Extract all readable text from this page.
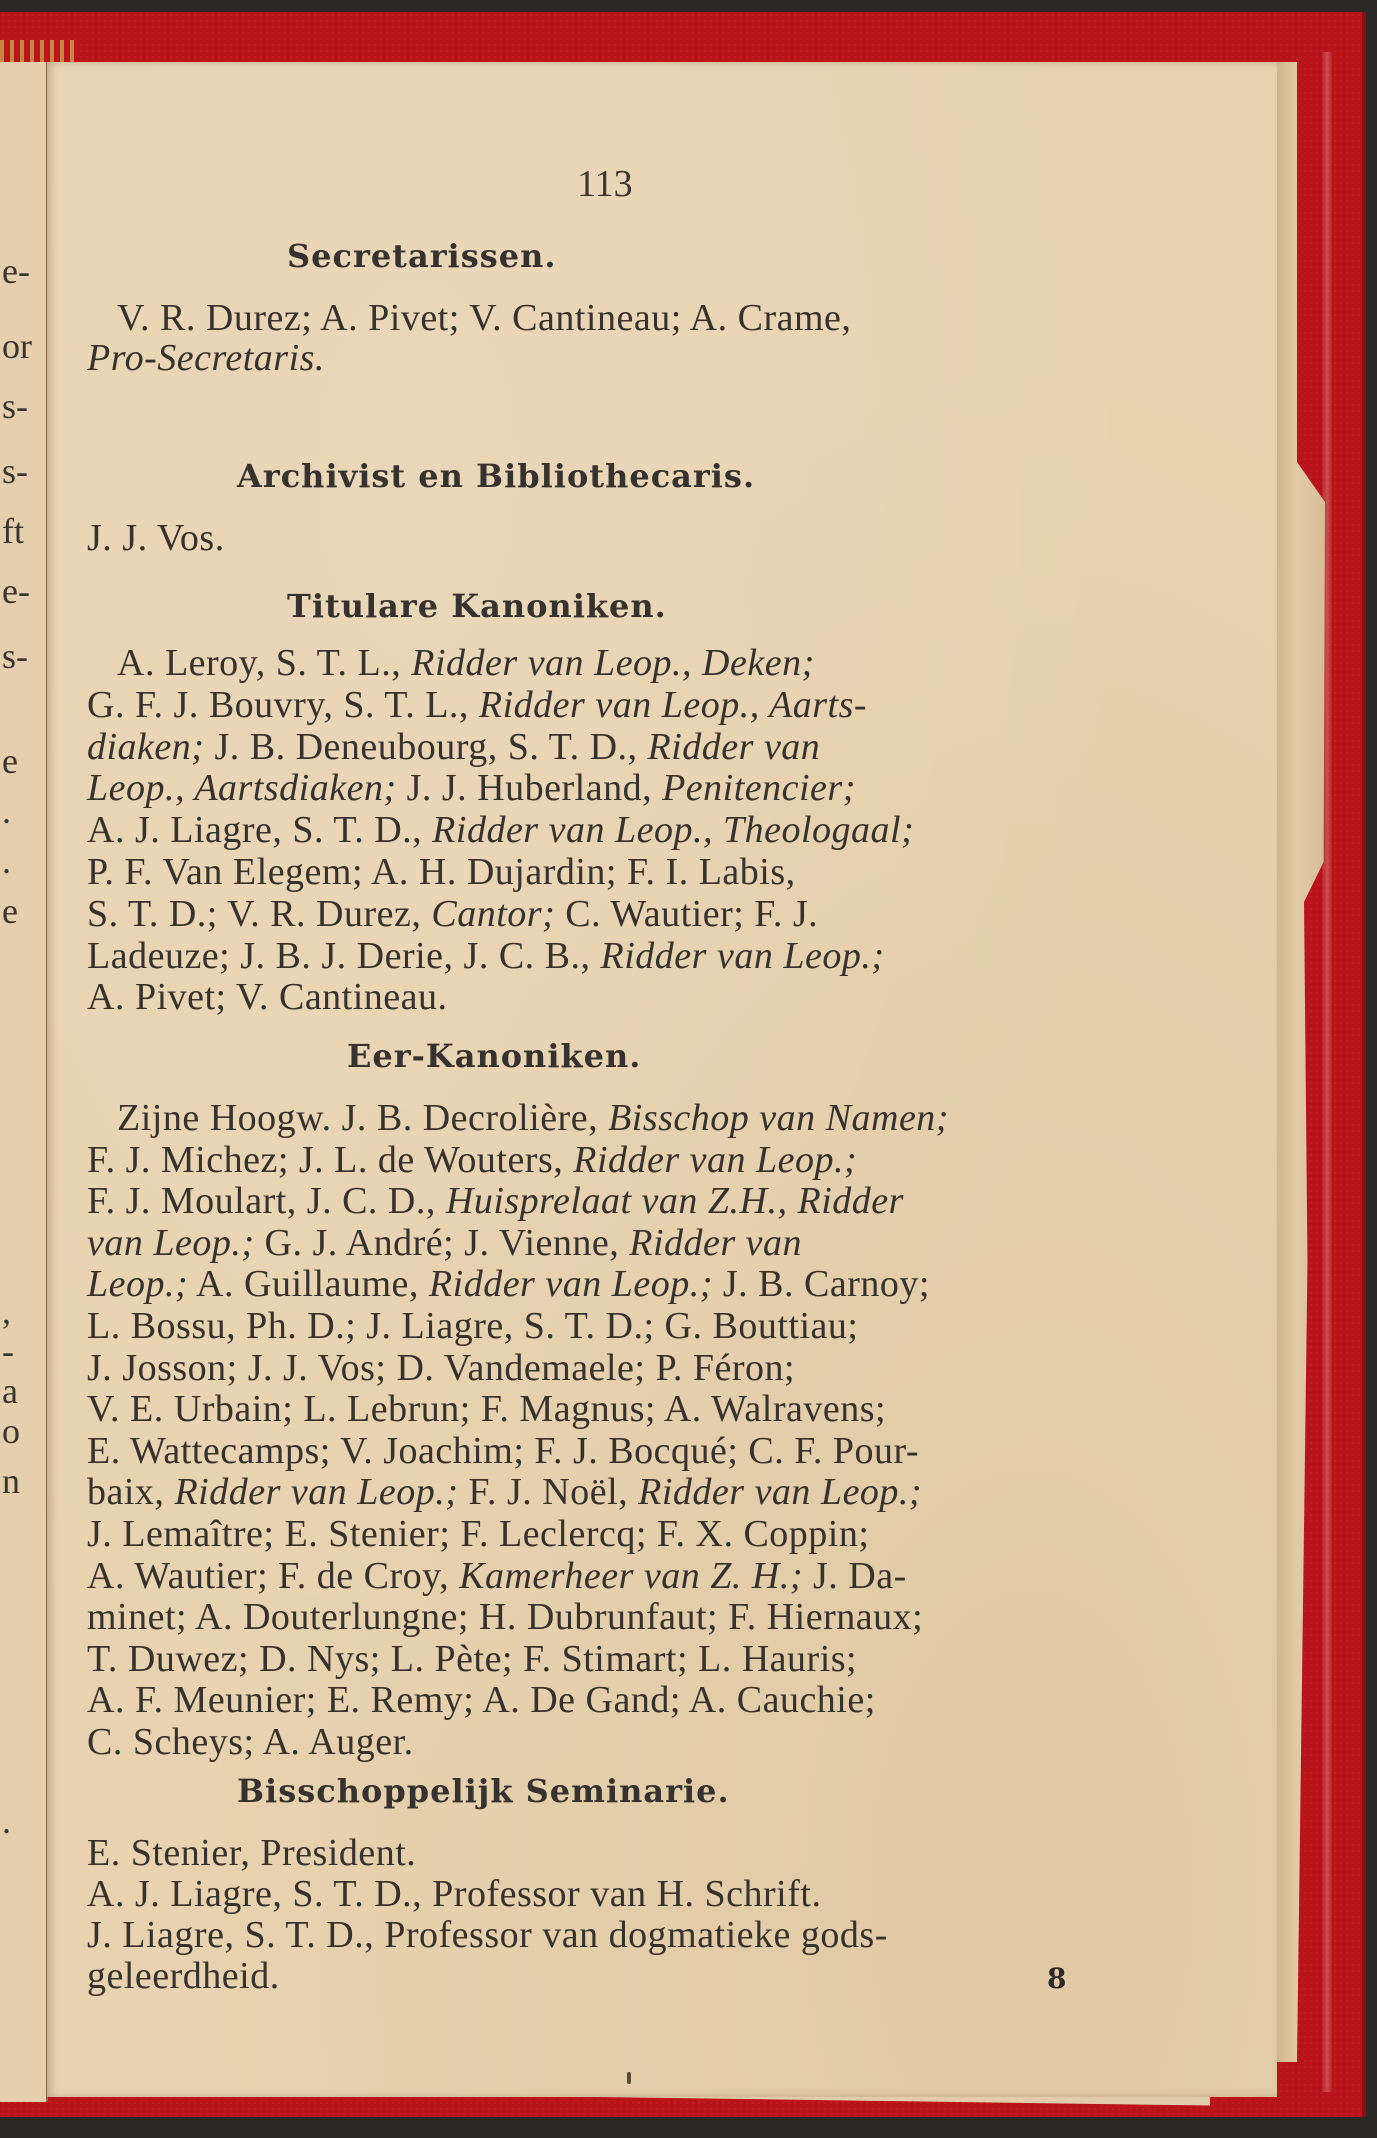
e-
or
s-
s-
ft
e-
s-
e
.
.
e
,
-
a
o
n
.
113
Secretarissen.
V. R. Durez; A. Pivet; V. Cantineau; A. Crame,
Pro-Secretaris.
Archivist en Bibliothecaris.
J. J. Vos.
Titulare Kanoniken.
A. Leroy, S. T. L., Ridder van Leop., Deken;
G. F. J. Bouvry, S. T. L., Ridder van Leop., Aarts-
diaken; J. B. Deneubourg, S. T. D., Ridder van
Leop., Aartsdiaken; J. J. Huberland, Penitencier;
A. J. Liagre, S. T. D., Ridder van Leop., Theologaal;
P. F. Van Elegem; A. H. Dujardin; F. I. Labis,
S. T. D.; V. R. Durez, Cantor; C. Wautier; F. J.
Ladeuze; J. B. J. Derie, J. C. B., Ridder van Leop.;
A. Pivet; V. Cantineau.
Eer-Kanoniken.
Zijne Hoogw. J. B. Decrolière, Bisschop van Namen;
F. J. Michez; J. L. de Wouters, Ridder van Leop.;
F. J. Moulart, J. C. D., Huisprelaat van Z.H., Ridder
van Leop.; G. J. André; J. Vienne, Ridder van
Leop.; A. Guillaume, Ridder van Leop.; J. B. Carnoy;
L. Bossu, Ph. D.; J. Liagre, S. T. D.; G. Bouttiau;
J. Josson; J. J. Vos; D. Vandemaele; P. Féron;
V. E. Urbain; L. Lebrun; F. Magnus; A. Walravens;
E. Wattecamps; V. Joachim; F. J. Bocqué; C. F. Pour-
baix, Ridder van Leop.; F. J. Noël, Ridder van Leop.;
J. Lemaître; E. Stenier; F. Leclercq; F. X. Coppin;
A. Wautier; F. de Croy, Kamerheer van Z. H.; J. Da-
minet; A. Douterlungne; H. Dubrunfaut; F. Hiernaux;
T. Duwez; D. Nys; L. Pète; F. Stimart; L. Hauris;
A. F. Meunier; E. Remy; A. De Gand; A. Cauchie;
C. Scheys; A. Auger.
Bisschoppelijk Seminarie.
E. Stenier, President.
A. J. Liagre, S. T. D., Professor van H. Schrift.
J. Liagre, S. T. D., Professor van dogmatieke gods-
geleerdheid.	8
